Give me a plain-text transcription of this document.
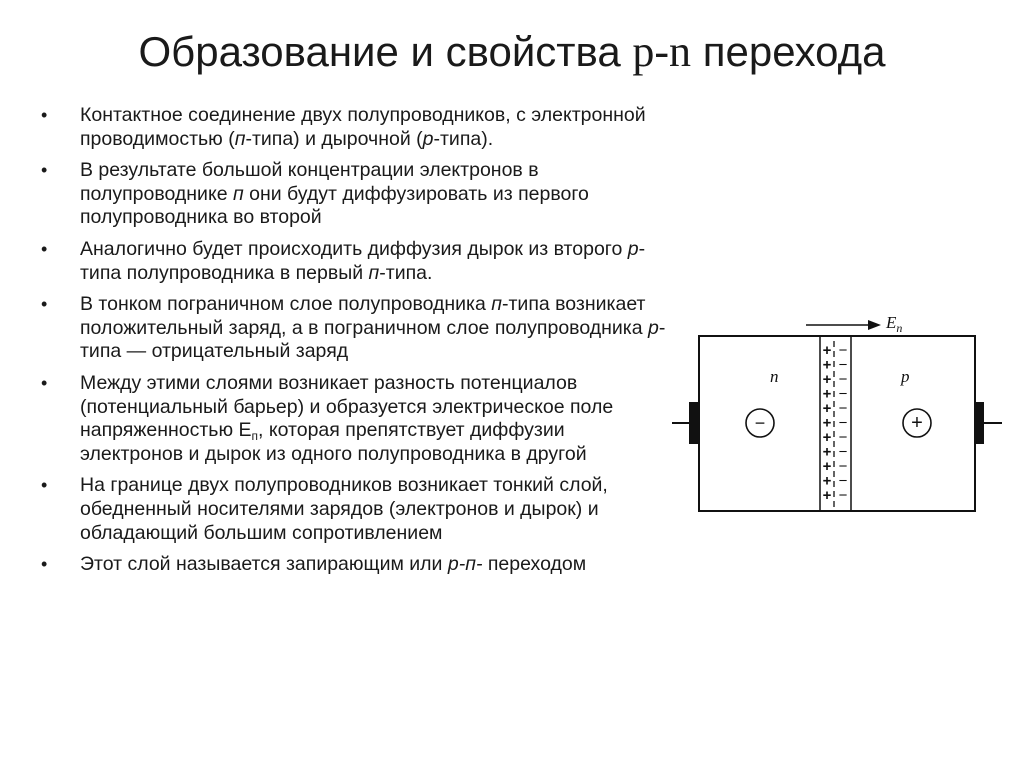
Образование и свойства p-n перехода
•	Контактное соединение двух полупроводников, с электронной проводимостью (п-типа) и дырочной (р-типа).
•	В результате большой концентрации электронов в полупроводнике п они будут диффузировать из первого полупроводника во второй
•	Аналогично будет происходить диффузия дырок из второго р-типа полупроводника в первый п-типа.
•	В тонком пограничном слое полупроводника п-типа возникает положительный заряд, а в пограничном слое полупроводника р-типа — отрицательный заряд
•	Между этими слоями возникает разность потенциалов (потенциальный барьер) и образуется электрическое поле напряженностью $E_п$, которая препятствует диффузии электронов и дырок из одного полупроводника в другой
•	На границе двух полупроводников возникает тонкий слой, обедненный носителями зарядов (электронов и дырок) и обладающий большим сопротивлением
•	Этот слой называется запирающим или р-п- переходом
$E_п$
п	р
−	+
+
+
+
+
+
+
+
+
+
+
+
−
−
−
−
−
−
−
−
−
−
−
